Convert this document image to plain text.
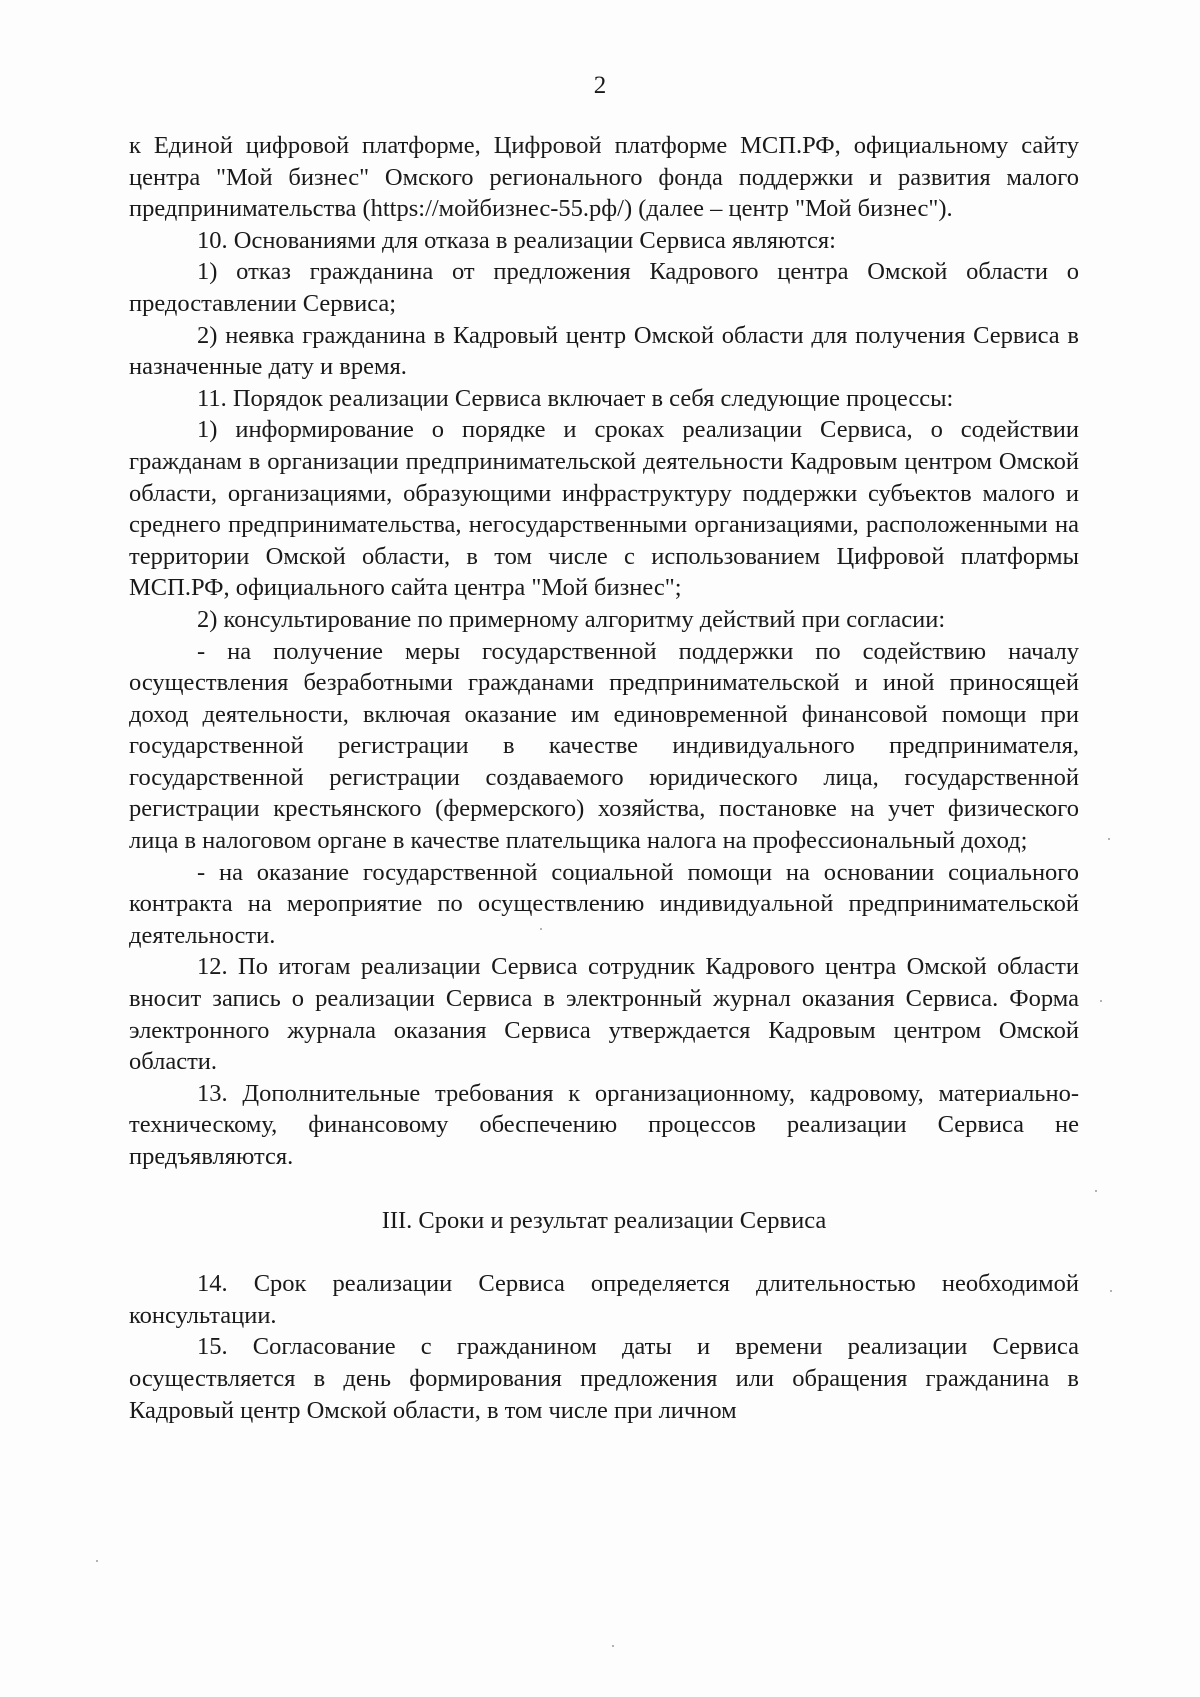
2

к Единой цифровой платформе, Цифровой платформе МСП.РФ, официальному сайту центра "Мой бизнес" Омского регионального фонда поддержки и развития малого предпринимательства (https://мойбизнес-55.рф/) (далее – центр "Мой бизнес").

10. Основаниями для отказа в реализации Сервиса являются:

1) отказ гражданина от предложения Кадрового центра Омской области о предоставлении Сервиса;

2) неявка гражданина в Кадровый центр Омской области для получения Сервиса в назначенные дату и время.

11. Порядок реализации Сервиса включает в себя следующие процессы:

1) информирование о порядке и сроках реализации Сервиса, о содействии гражданам в организации предпринимательской деятельности Кадровым центром Омской области, организациями, образующими инфраструктуру поддержки субъектов малого и среднего предпринимательства, негосударственными организациями, расположенными на территории Омской области, в том числе с использованием Цифровой платформы МСП.РФ, официального сайта центра "Мой бизнес";

2) консультирование по примерному алгоритму действий при согласии:

- на получение меры государственной поддержки по содействию началу осуществления безработными гражданами предпринимательской и иной приносящей доход деятельности, включая оказание им единовременной финансовой помощи при государственной регистрации в качестве индивидуального предпринимателя, государственной регистрации создаваемого юридического лица, государственной регистрации крестьянского (фермерского) хозяйства, постановке на учет физического лица в налоговом органе в качестве плательщика налога на профессиональный доход;

- на оказание государственной социальной помощи на основании социального контракта на мероприятие по осуществлению индивидуальной предпринимательской деятельности.

12. По итогам реализации Сервиса сотрудник Кадрового центра Омской области вносит запись о реализации Сервиса в электронный журнал оказания Сервиса. Форма электронного журнала оказания Сервиса утверждается Кадровым центром Омской области.

13. Дополнительные требования к организационному, кадровому, материально-техническому, финансовому обеспечению процессов реализации Сервиса не предъявляются.

III. Сроки и результат реализации Сервиса

14. Срок реализации Сервиса определяется длительностью необходимой консультации.

15. Согласование с гражданином даты и времени реализации Сервиса осуществляется в день формирования предложения или обращения гражданина в Кадровый центр Омской области, в том числе при личном
